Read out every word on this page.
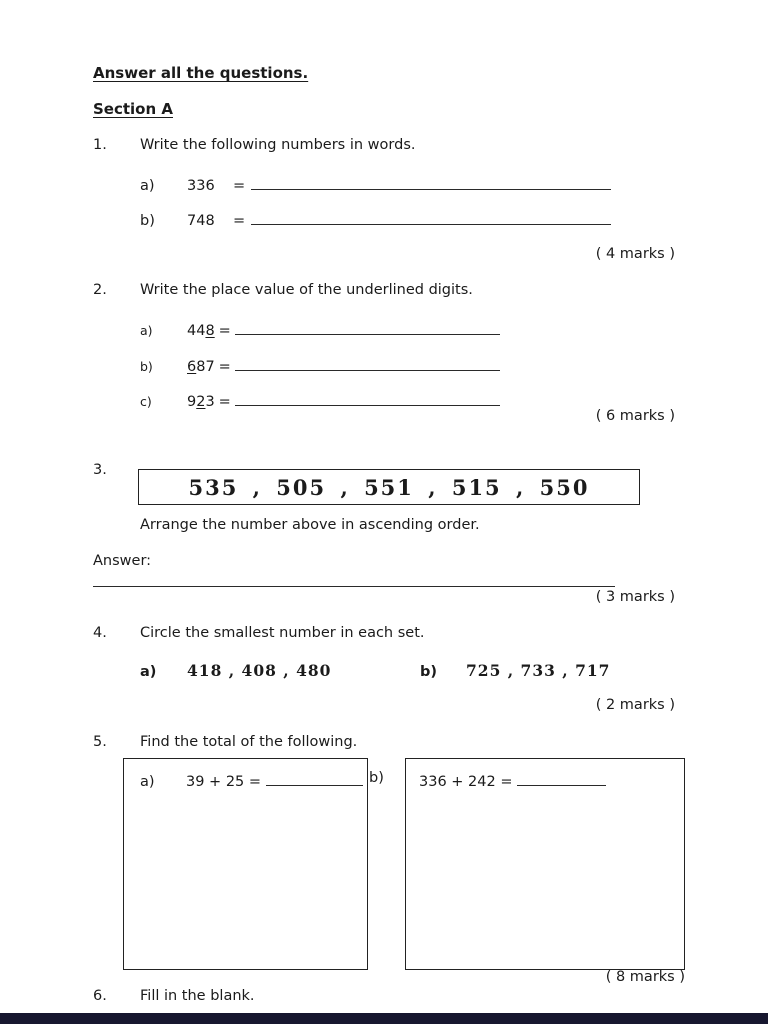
Answer all the questions.
Section A
1. Write the following numbers in words.
a) 336 =
b) 748 =
( 4 marks )
2. Write the place value of the underlined digits.
a) 448 =
b) 687 =
c) 923 =
( 6 marks )
3.
535 , 505 , 551 , 515 , 550
Arrange the number above in ascending order.
Answer:
( 3 marks )
4. Circle the smallest number in each set.
a) 418 , 408 , 480	b) 725 , 733 , 717
( 2 marks )
5. Find the total of the following.
a) 39 + 25 =	b) 336 + 242 =
( 8 marks )
6. Fill in the blank.
